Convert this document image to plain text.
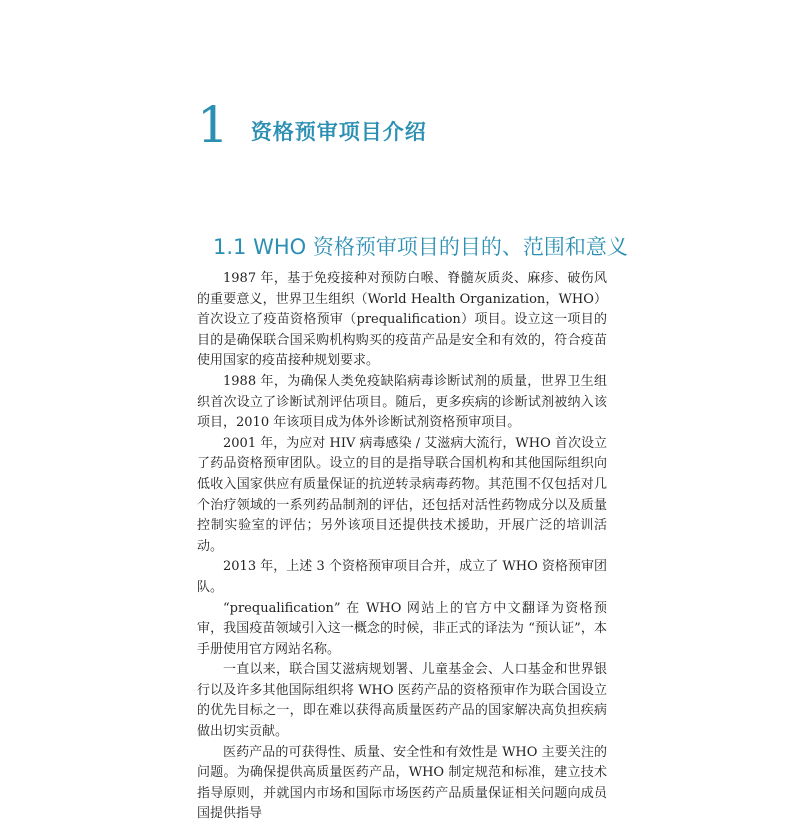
1 资格预审项目介绍
1.1 WHO 资格预审项目的目的、范围和意义

1987 年，基于免疫接种对预防白喉、脊髓灰质炎、麻疹、破伤风的重要意义，世界卫生组织（World Health Organization，WHO）首次设立了疫苗资格预审（prequalification）项目。设立这一项目的目的是确保联合国采购机构购买的疫苗产品是安全和有效的，符合疫苗使用国家的疫苗接种规划要求。

1988 年，为确保人类免疫缺陷病毒诊断试剂的质量，世界卫生组织首次设立了诊断试剂评估项目。随后，更多疾病的诊断试剂被纳入该项目，2010 年该项目成为体外诊断试剂资格预审项目。

2001 年，为应对 HIV 病毒感染 / 艾滋病大流行，WHO 首次设立了药品资格预审团队。设立的目的是指导联合国机构和其他国际组织向低收入国家供应有质量保证的抗逆转录病毒药物。其范围不仅包括对几个治疗领域的一系列药品制剂的评估，还包括对活性药物成分以及质量控制实验室的评估；另外该项目还提供技术援助，开展广泛的培训活动。

2013 年，上述 3 个资格预审项目合并，成立了 WHO 资格预审团队。

“prequalification” 在 WHO 网站上的官方中文翻译为资格预审，我国疫苗领域引入这一概念的时候，非正式的译法为 “预认证”，本手册使用官方网站名称。

一直以来，联合国艾滋病规划署、儿童基金会、人口基金和世界银行以及许多其他国际组织将 WHO 医药产品的资格预审作为联合国设立的优先目标之一，即在难以获得高质量医药产品的国家解决高负担疾病做出切实贡献。

医药产品的可获得性、质量、安全性和有效性是 WHO 主要关注的问题。为确保提供高质量医药产品，WHO 制定规范和标准，建立技术指导原则，并就国内市场和国际市场医药产品质量保证相关问题向成员国提供指导
